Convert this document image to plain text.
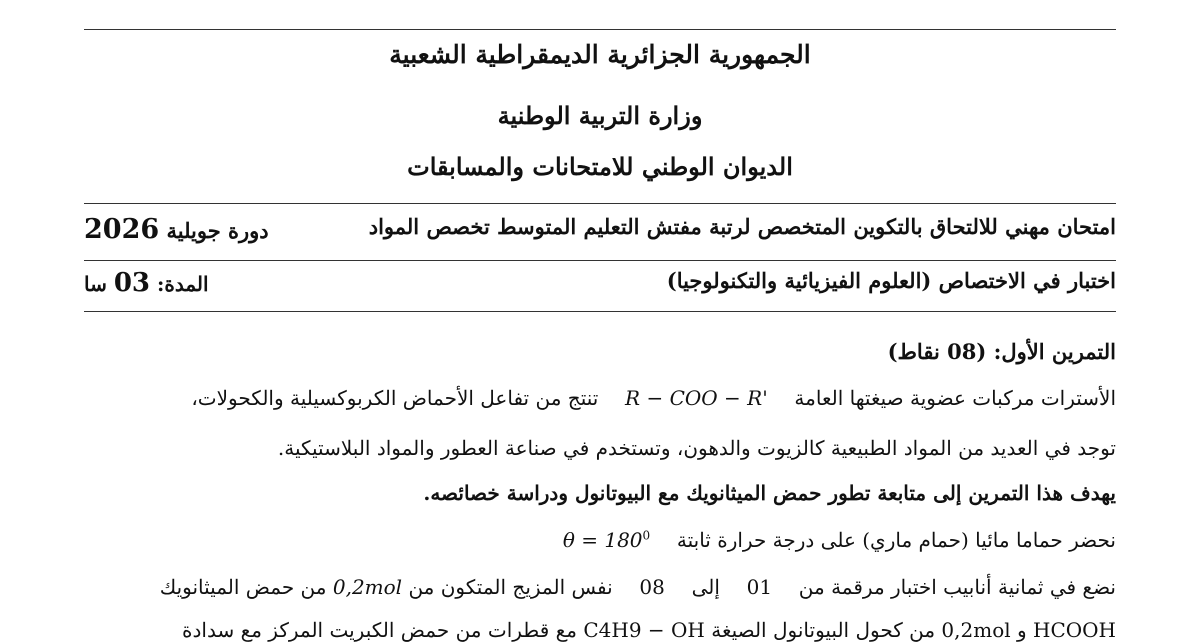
الجمهورية الجزائرية الديمقراطية الشعبية
وزارة التربية الوطنية
الديوان الوطني للامتحانات والمسابقات
امتحان مهني للالتحاق بالتكوين المتخصص لرتبة مفتش التعليم المتوسط تخصص المواد
دورة جويلية 2026
اختبار في الاختصاص (العلوم الفيزيائية والتكنولوجيا)
المدة: 03 سا
التمرين الأول: (08 نقاط)
الأسترات مركبات عضوية صيغتها العامة  R − COO − R'  تنتج من تفاعل الأحماض الكربوكسيلية والكحولات،
توجد في العديد من المواد الطبيعية كالزيوت والدهون، وتستخدم في صناعة العطور والمواد البلاستيكية.
يهدف هذا التمرين إلى متابعة تطور حمض الميثانويك مع البيوتانول ودراسة خصائصه.
نحضر حماما مائيا (حمام ماري) على درجة حرارة ثابتة  $\theta = 180^0$
نضع في ثمانية أنابيب اختبار مرقمة من  01  إلى  08  نفس المزيج المتكون من 0,2mol من حمض الميثانويك
HCOOH و 0,2mol من كحول البيوتانول الصيغة C4H9 − OH مع قطرات من حمض الكبريت المركز مع سدادة
